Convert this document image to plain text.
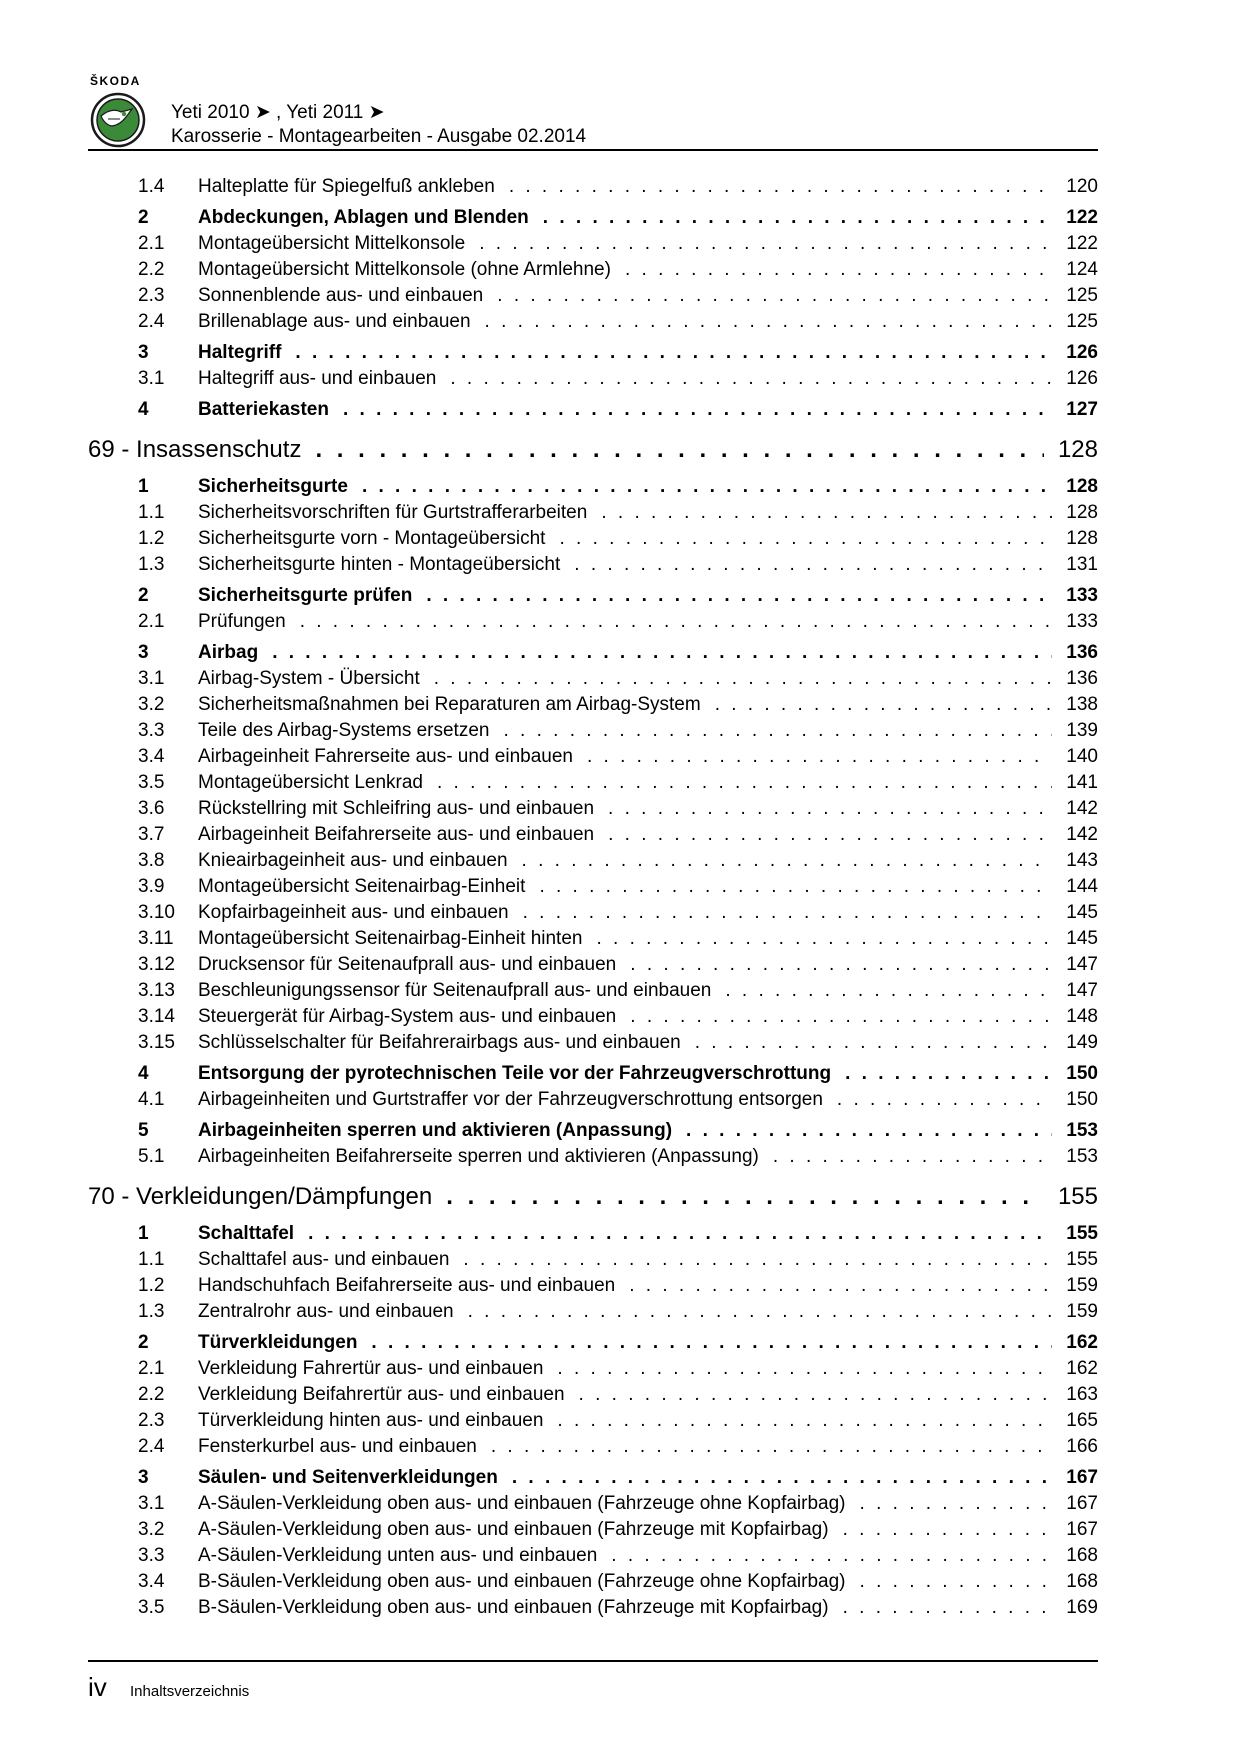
ŠKODA
Yeti 2010 ➤ , Yeti 2011 ➤
Karosserie - Montagearbeiten - Ausgabe 02.2014
1.4	Halteplatte für Spiegelfuß ankleben . . .	120
2	Abdeckungen, Ablagen und Blenden . . .	122
2.1	Montageübersicht Mittelkonsole . . .	122
2.2	Montageübersicht Mittelkonsole (ohne Armlehne) . . .	124
2.3	Sonnenblende aus- und einbauen . . .	125
2.4	Brillenablage aus- und einbauen . . .	125
3	Haltegriff . . .	126
3.1	Haltegriff aus- und einbauen . . .	126
4	Batteriekasten . . .	127
69 - Insassenschutz . . .	128
1	Sicherheitsgurte . . .	128
1.1	Sicherheitsvorschriften für Gurtstrafferarbeiten . . .	128
1.2	Sicherheitsgurte vorn - Montageübersicht . . .	128
1.3	Sicherheitsgurte hinten - Montageübersicht . . .	131
2	Sicherheitsgurte prüfen . . .	133
2.1	Prüfungen . . .	133
3	Airbag . . .	136
3.1	Airbag-System - Übersicht . . .	136
3.2	Sicherheitsmaßnahmen bei Reparaturen am Airbag-System . . .	138
3.3	Teile des Airbag-Systems ersetzen . . .	139
3.4	Airbageinheit Fahrerseite aus- und einbauen . . .	140
3.5	Montageübersicht Lenkrad . . .	141
3.6	Rückstellring mit Schleifring aus- und einbauen . . .	142
3.7	Airbageinheit Beifahrerseite aus- und einbauen . . .	142
3.8	Knieairbageinheit aus- und einbauen . . .	143
3.9	Montageübersicht Seitenairbag-Einheit . . .	144
3.10	Kopfairbageinheit aus- und einbauen . . .	145
3.11	Montageübersicht Seitenairbag-Einheit hinten . . .	145
3.12	Drucksensor für Seitenaufprall aus- und einbauen . . .	147
3.13	Beschleunigungssensor für Seitenaufprall aus- und einbauen . . .	147
3.14	Steuergerät für Airbag-System aus- und einbauen . . .	148
3.15	Schlüsselschalter für Beifahrerairbags aus- und einbauen . . .	149
4	Entsorgung der pyrotechnischen Teile vor der Fahrzeugverschrottung . . .	150
4.1	Airbageinheiten und Gurtstraffer vor der Fahrzeugverschrottung entsorgen . . .	150
5	Airbageinheiten sperren und aktivieren (Anpassung) . . .	153
5.1	Airbageinheiten Beifahrerseite sperren und aktivieren (Anpassung) . . .	153
70 - Verkleidungen/Dämpfungen . . .	155
1	Schalttafel . . .	155
1.1	Schalttafel aus- und einbauen . . .	155
1.2	Handschuhfach Beifahrerseite aus- und einbauen . . .	159
1.3	Zentralrohr aus- und einbauen . . .	159
2	Türverkleidungen . . .	162
2.1	Verkleidung Fahrertür aus- und einbauen . . .	162
2.2	Verkleidung Beifahrertür aus- und einbauen . . .	163
2.3	Türverkleidung hinten aus- und einbauen . . .	165
2.4	Fensterkurbel aus- und einbauen . . .	166
3	Säulen- und Seitenverkleidungen . . .	167
3.1	A-Säulen-Verkleidung oben aus- und einbauen (Fahrzeuge ohne Kopfairbag) . . .	167
3.2	A-Säulen-Verkleidung oben aus- und einbauen (Fahrzeuge mit Kopfairbag) . . .	167
3.3	A-Säulen-Verkleidung unten aus- und einbauen . . .	168
3.4	B-Säulen-Verkleidung oben aus- und einbauen (Fahrzeuge ohne Kopfairbag) . . .	168
3.5	B-Säulen-Verkleidung oben aus- und einbauen (Fahrzeuge mit Kopfairbag) . . .	169
iv Inhaltsverzeichnis
